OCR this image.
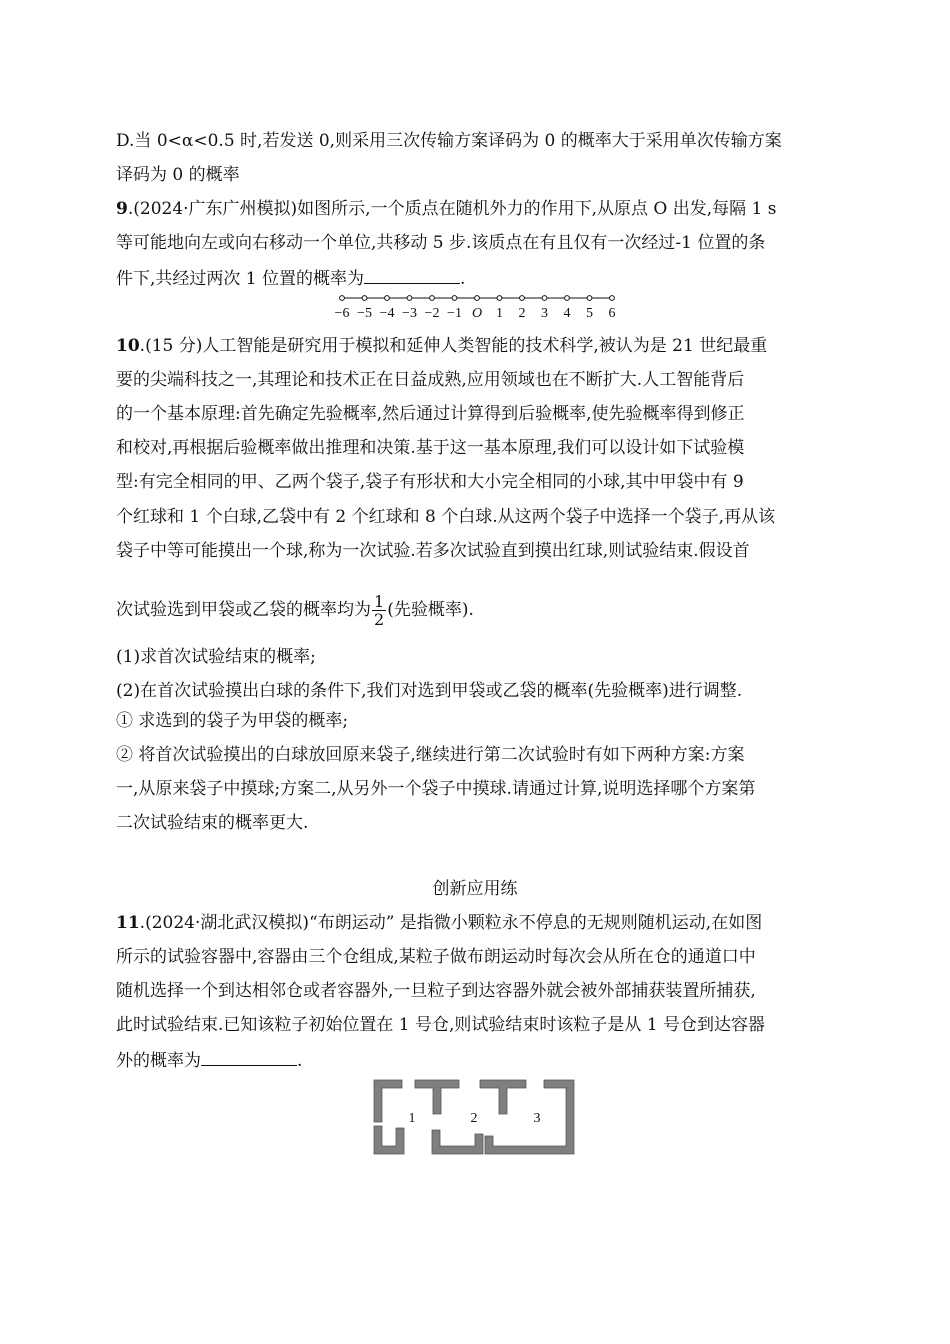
D.当 0<α<0.5 时,若发送 0,则采用三次传输方案译码为 0 的概率大于采用单次传输方案
译码为 0 的概率
9.(2024·广东广州模拟)如图所示,一个质点在随机外力的作用下,从原点 O 出发,每隔 1 s
等可能地向左或向右移动一个单位,共移动 5 步.该质点在有且仅有一次经过-1 位置的条
件下,共经过两次 1 位置的概率为	.
−6 −5 −4 −3 −2 −1 O 1 2 3 4 5 6
10.(15 分)人工智能是研究用于模拟和延伸人类智能的技术科学,被认为是 21 世纪最重
要的尖端科技之一,其理论和技术正在日益成熟,应用领域也在不断扩大.人工智能背后
的一个基本原理:首先确定先验概率,然后通过计算得到后验概率,使先验概率得到修正
和校对,再根据后验概率做出推理和决策.基于这一基本原理,我们可以设计如下试验模
型:有完全相同的甲、乙两个袋子,袋子有形状和大小完全相同的小球,其中甲袋中有 9
个红球和 1 个白球,乙袋中有 2 个红球和 8 个白球.从这两个袋子中选择一个袋子,再从该
袋子中等可能摸出一个球,称为一次试验.若多次试验直到摸出红球,则试验结束.假设首
次试验选到甲袋或乙袋的概率均为 $\frac{1}{2}$ (先验概率).
(1)求首次试验结束的概率;
(2)在首次试验摸出白球的条件下,我们对选到甲袋或乙袋的概率(先验概率)进行调整.
① 求选到的袋子为甲袋的概率;
② 将首次试验摸出的白球放回原来袋子,继续进行第二次试验时有如下两种方案:方案
一,从原来袋子中摸球;方案二,从另外一个袋子中摸球.请通过计算,说明选择哪个方案第
二次试验结束的概率更大.
创新应用练
11.(2024·湖北武汉模拟)“布朗运动” 是指微小颗粒永不停息的无规则随机运动,在如图
所示的试验容器中,容器由三个仓组成,某粒子做布朗运动时每次会从所在仓的通道口中
随机选择一个到达相邻仓或者容器外,一旦粒子到达容器外就会被外部捕获装置所捕获,
此时试验结束.已知该粒子初始位置在 1 号仓,则试验结束时该粒子是从 1 号仓到达容器
外的概率为	.
1	2	3
